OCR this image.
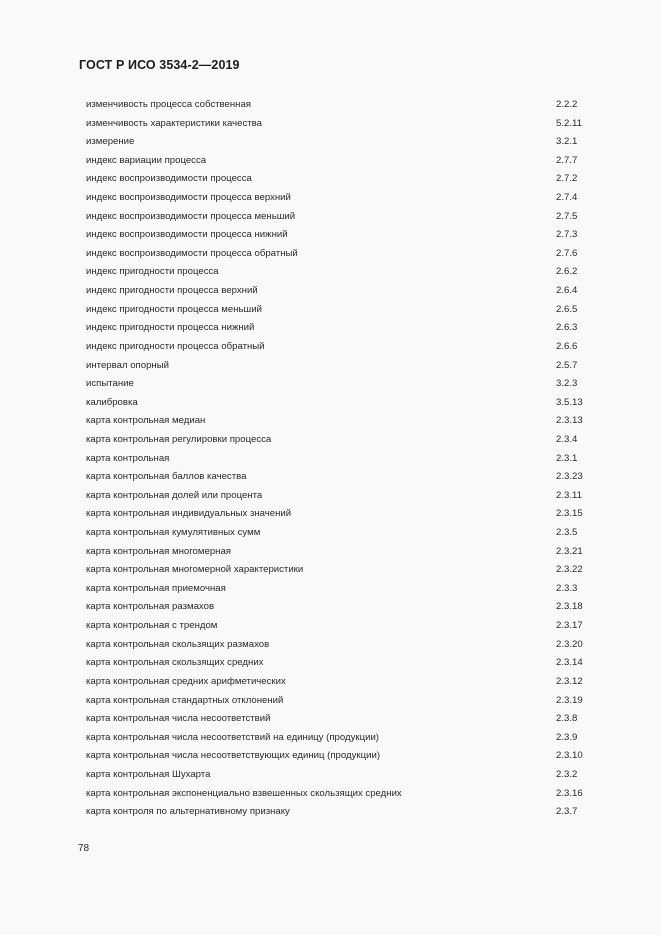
ГОСТ Р ИСО 3534-2—2019
изменчивость процесса собственная	2.2.2
изменчивость характеристики качества	5.2.11
измерение	3.2.1
индекс вариации процесса	2.7.7
индекс воспроизводимости процесса	2.7.2
индекс воспроизводимости процесса верхний	2.7.4
индекс воспроизводимости процесса меньший	2.7.5
индекс воспроизводимости процесса нижний	2.7.3
индекс воспроизводимости процесса обратный	2.7.6
индекс пригодности процесса	2.6.2
индекс пригодности процесса верхний	2.6.4
индекс пригодности процесса меньший	2.6.5
индекс пригодности процесса нижний	2.6.3
индекс пригодности процесса обратный	2.6.6
интервал опорный	2.5.7
испытание	3.2.3
калибровка	3.5.13
карта контрольная медиан	2.3.13
карта контрольная регулировки процесса	2.3.4
карта контрольная	2.3.1
карта контрольная баллов качества	2.3.23
карта контрольная долей или процента	2.3.11
карта контрольная индивидуальных значений	2.3.15
карта контрольная кумулятивных сумм	2.3.5
карта контрольная многомерная	2.3.21
карта контрольная многомерной характеристики	2.3.22
карта контрольная приемочная	2.3.3
карта контрольная размахов	2.3.18
карта контрольная с трендом	2.3.17
карта контрольная скользящих размахов	2.3.20
карта контрольная скользящих средних	2.3.14
карта контрольная средних арифметических	2.3.12
карта контрольная стандартных отклонений	2.3.19
карта контрольная числа несоответствий	2.3.8
карта контрольная числа несоответствий на единицу (продукции)	2.3.9
карта контрольная числа несоответствующих единиц (продукции)	2.3.10
карта контрольная Шухарта	2.3.2
карта контрольная экспоненциально взвешенных скользящих средних	2.3.16
карта контроля по альтернативному признаку	2.3.7
78
